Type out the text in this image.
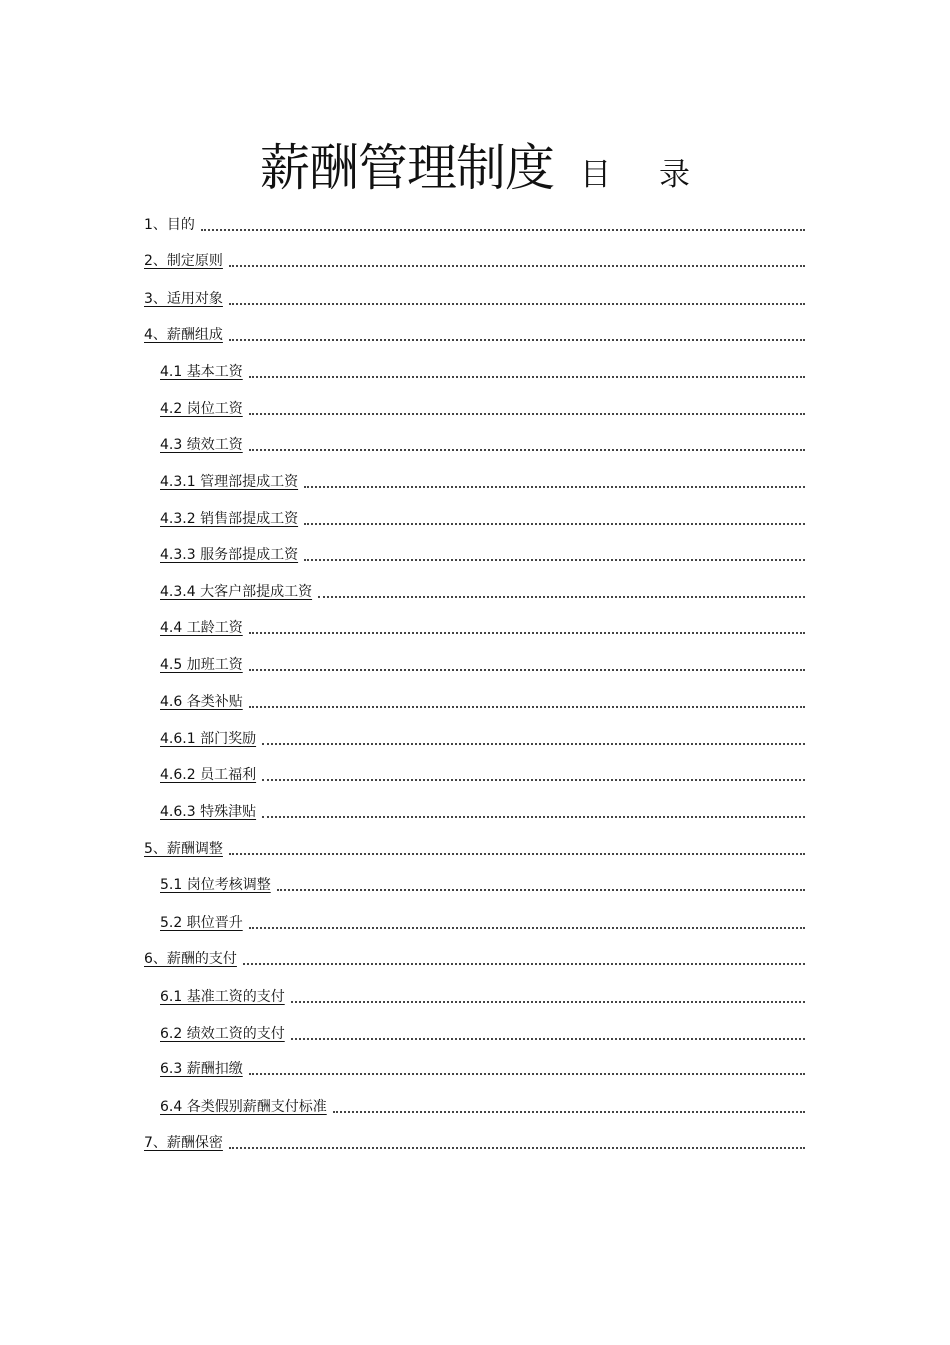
薪酬管理制度 目 录
1、目的
2、制定原则
3、适用对象
4、薪酬组成
4.1 基本工资
4.2 岗位工资
4.3 绩效工资
4.3.1 管理部提成工资
4.3.2 销售部提成工资
4.3.3 服务部提成工资
4.3.4 大客户部提成工资
4.4 工龄工资
4.5 加班工资
4.6 各类补贴
4.6.1 部门奖励
4.6.2 员工福利
4.6.3 特殊津贴
5、薪酬调整
5.1 岗位考核调整
5.2 职位晋升
6、薪酬的支付
6.1 基准工资的支付
6.2 绩效工资的支付
6.3 薪酬扣缴
6.4 各类假别薪酬支付标准
7、薪酬保密
